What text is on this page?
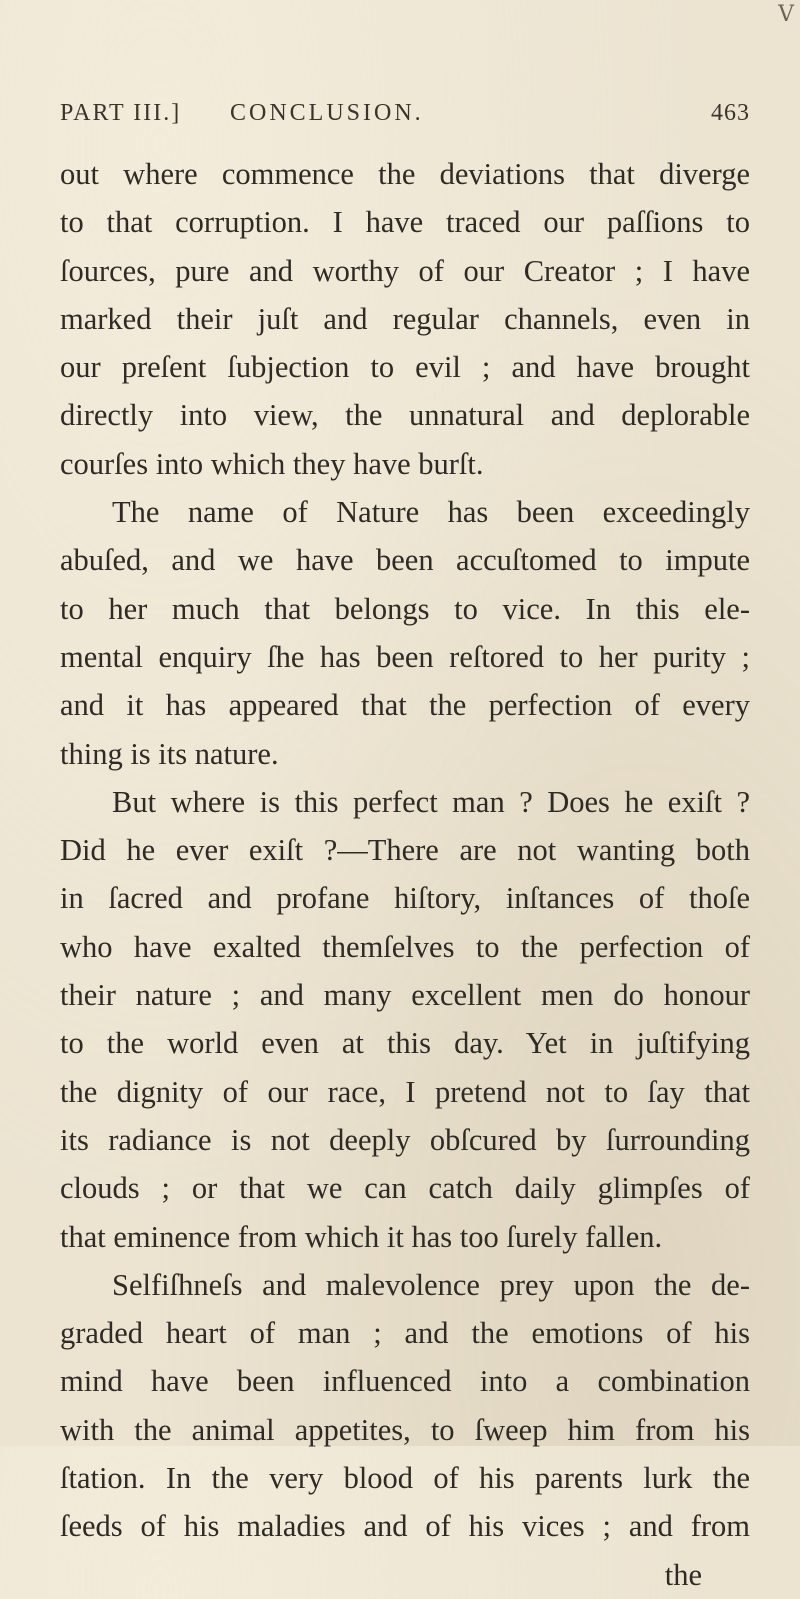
V
PART III.] CONCLUSION.	463
out where commence the deviations that diverge
to that corruption. I have traced our paſſions to
ſources, pure and worthy of our Creator ; I have
marked their juſt and regular channels, even in
our preſent ſubjection to evil ; and have brought
directly into view, the unnatural and deplorable
courſes into which they have burſt.
The name of Nature has been exceedingly
abuſed, and we have been accuſtomed to impute
to her much that belongs to vice. In this ele-
mental enquiry ſhe has been reſtored to her purity ;
and it has appeared that the perfection of every
thing is its nature.
But where is this perfect man ? Does he exiſt ?
Did he ever exiſt ?—There are not wanting both
in ſacred and profane hiſtory, inſtances of thoſe
who have exalted themſelves to the perfection of
their nature ; and many excellent men do honour
to the world even at this day. Yet in juſtifying
the dignity of our race, I pretend not to ſay that
its radiance is not deeply obſcured by ſurrounding
clouds ; or that we can catch daily glimpſes of
that eminence from which it has too ſurely fallen.
Selfiſhneſs and malevolence prey upon the de-
graded heart of man ; and the emotions of his
mind have been influenced into a combination
with the animal appetites, to ſweep him from his
ſtation. In the very blood of his parents lurk the
ſeeds of his maladies and of his vices ; and from
the
